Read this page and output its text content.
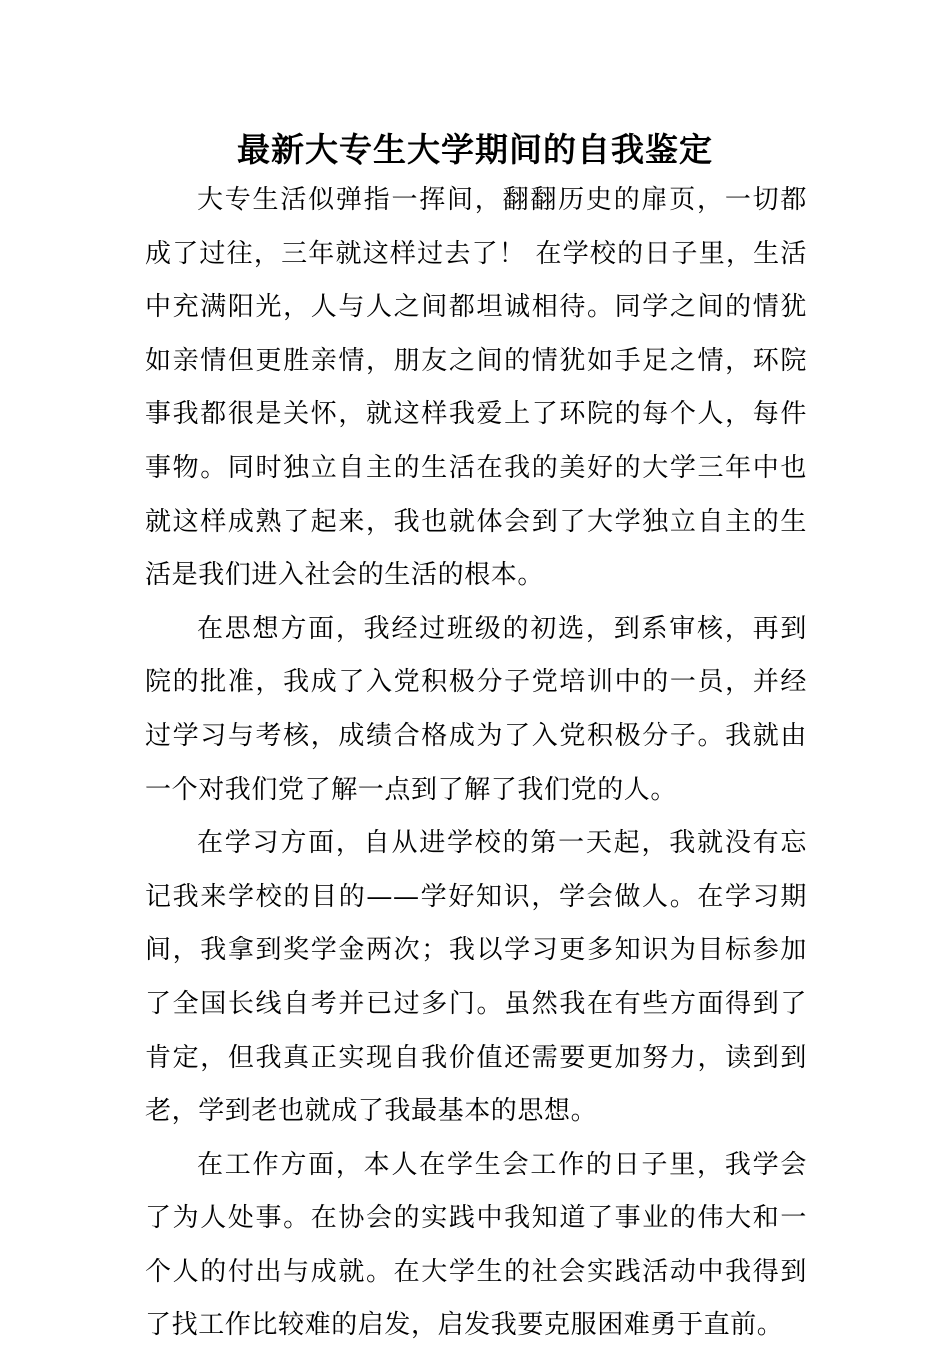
最新大专生大学期间的自我鉴定

大专生活似弹指一挥间，翻翻历史的扉页，一切都成了过往，三年就这样过去了！ 在学校的日子里，生活中充满阳光，人与人之间都坦诚相待。同学之间的情犹如亲情但更胜亲情，朋友之间的情犹如手足之情，环院事我都很是关怀，就这样我爱上了环院的每个人，每件事物。同时独立自主的生活在我的美好的大学三年中也就这样成熟了起来，我也就体会到了大学独立自主的生活是我们进入社会的生活的根本。

在思想方面，我经过班级的初选，到系审核，再到院的批准，我成了入党积极分子党培训中的一员，并经过学习与考核，成绩合格成为了入党积极分子。我就由一个对我们党了解一点到了解了我们党的人。

在学习方面，自从进学校的第一天起，我就没有忘记我来学校的目的——学好知识，学会做人。在学习期间，我拿到奖学金两次；我以学习更多知识为目标参加了全国长线自考并已过多门。虽然我在有些方面得到了肯定，但我真正实现自我价值还需要更加努力，读到到老，学到老也就成了我最基本的思想。

在工作方面，本人在学生会工作的日子里，我学会了为人处事。在协会的实践中我知道了事业的伟大和一个人的付出与成就。在大学生的社会实践活动中我得到了找工作比较难的启发，启发我要克服困难勇于直前。
